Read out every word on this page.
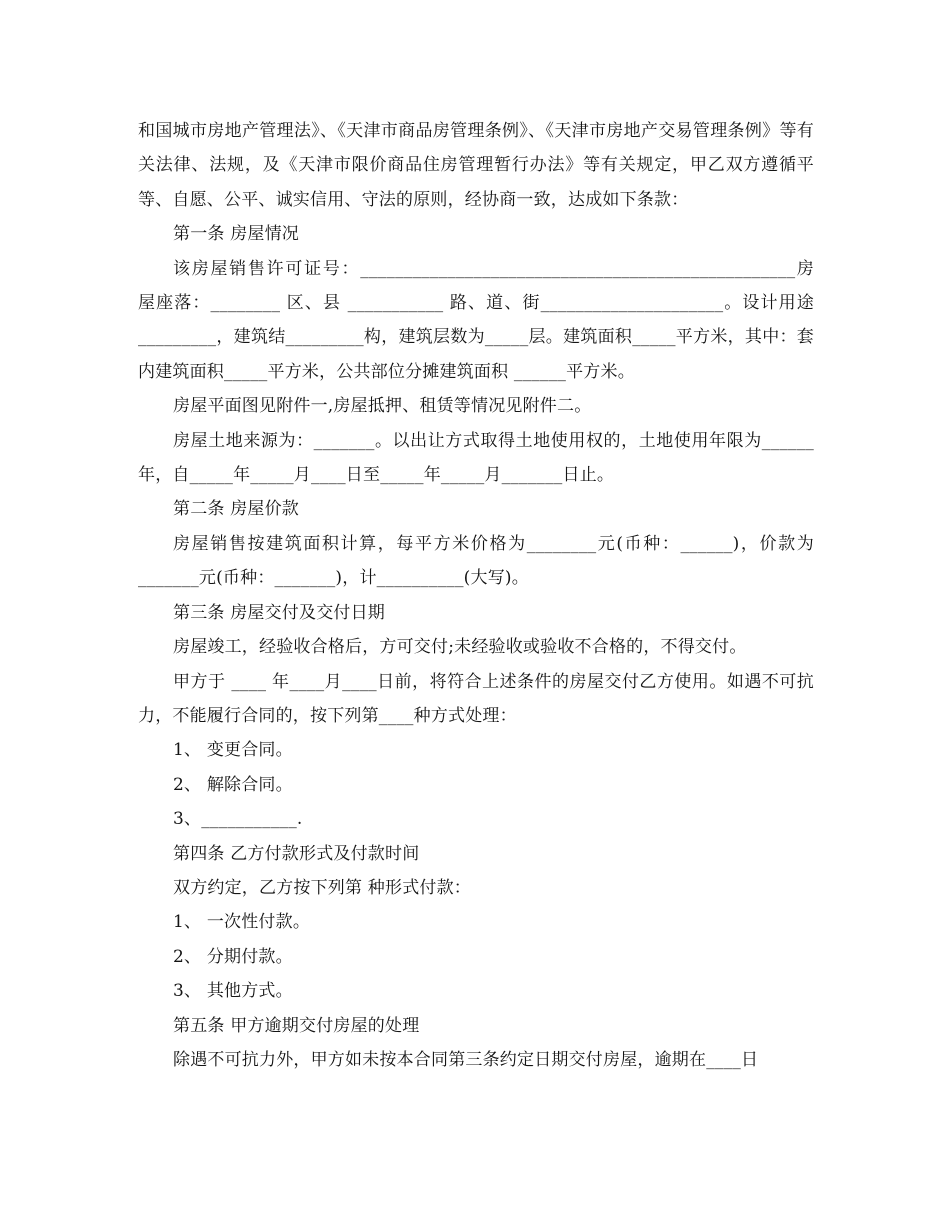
和国城市房地产管理法》、《天津市商品房管理条例》、《天津市房地产交易管理条例》等有关法律、法规，及《天津市限价商品住房管理暂行办法》等有关规定，甲乙双方遵循平等、自愿、公平、诚实信用、守法的原则，经协商一致，达成如下条款：

第一条 房屋情况

该房屋销售许可证号：__________________________________________________房屋座落：________ 区、县 ___________ 路、道、街_____________________。设计用途 _________，建筑结_________构，建筑层数为_____层。建筑面积_____平方米，其中：套内建筑面积_____平方米，公共部位分摊建筑面积 ______平方米。

房屋平面图见附件一,房屋抵押、租赁等情况见附件二。

房屋土地来源为：_______。以出让方式取得土地使用权的，土地使用年限为______年，自_____年_____月____日至_____年_____月_______日止。

第二条 房屋价款

房屋销售按建筑面积计算，每平方米价格为________元(币种：______)，价款为_______元(币种：_______)，计__________(大写)。

第三条 房屋交付及交付日期

房屋竣工，经验收合格后，方可交付;未经验收或验收不合格的，不得交付。

甲方于 ____ 年____月____日前，将符合上述条件的房屋交付乙方使用。如遇不可抗力，不能履行合同的，按下列第____种方式处理：

1、 变更合同。

2、 解除合同。

3、___________.

第四条 乙方付款形式及付款时间

双方约定，乙方按下列第 种形式付款：

1、 一次性付款。

2、 分期付款。

3、 其他方式。

第五条 甲方逾期交付房屋的处理

除遇不可抗力外，甲方如未按本合同第三条约定日期交付房屋，逾期在____日
